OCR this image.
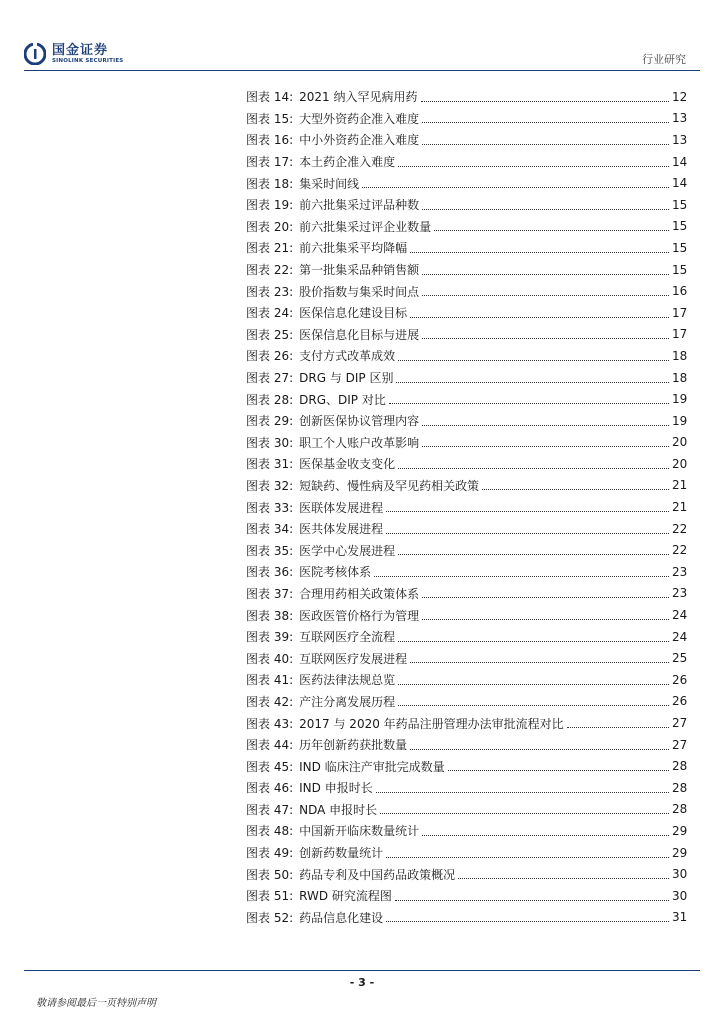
国金证券
SINOLINK SECURITIES	行业研究
图表 14: 2021 纳入罕见病用药	12
图表 15: 大型外资药企准入难度	13
图表 16: 中小外资药企准入难度	13
图表 17: 本土药企准入难度	14
图表 18: 集采时间线	14
图表 19: 前六批集采过评品种数	15
图表 20: 前六批集采过评企业数量	15
图表 21: 前六批集采平均降幅	15
图表 22: 第一批集采品种销售额	15
图表 23: 股价指数与集采时间点	16
图表 24: 医保信息化建设目标	17
图表 25: 医保信息化目标与进展	17
图表 26: 支付方式改革成效	18
图表 27: DRG 与 DIP 区别	18
图表 28: DRG、DIP 对比	19
图表 29: 创新医保协议管理内容	19
图表 30: 职工个人账户改革影响	20
图表 31: 医保基金收支变化	20
图表 32: 短缺药、慢性病及罕见药相关政策	21
图表 33: 医联体发展进程	21
图表 34: 医共体发展进程	22
图表 35: 医学中心发展进程	22
图表 36: 医院考核体系	23
图表 37: 合理用药相关政策体系	23
图表 38: 医政医管价格行为管理	24
图表 39: 互联网医疗全流程	24
图表 40: 互联网医疗发展进程	25
图表 41: 医药法律法规总览	26
图表 42: 产注分离发展历程	26
图表 43: 2017 与 2020 年药品注册管理办法审批流程对比	27
图表 44: 历年创新药获批数量	27
图表 45: IND 临床注产审批完成数量	28
图表 46: IND 申报时长	28
图表 47: NDA 申报时长	28
图表 48: 中国新开临床数量统计	29
图表 49: 创新药数量统计	29
图表 50: 药品专利及中国药品政策概况	30
图表 51: RWD 研究流程图	30
图表 52: 药品信息化建设	31
- 3 -
敬请参阅最后一页特别声明
